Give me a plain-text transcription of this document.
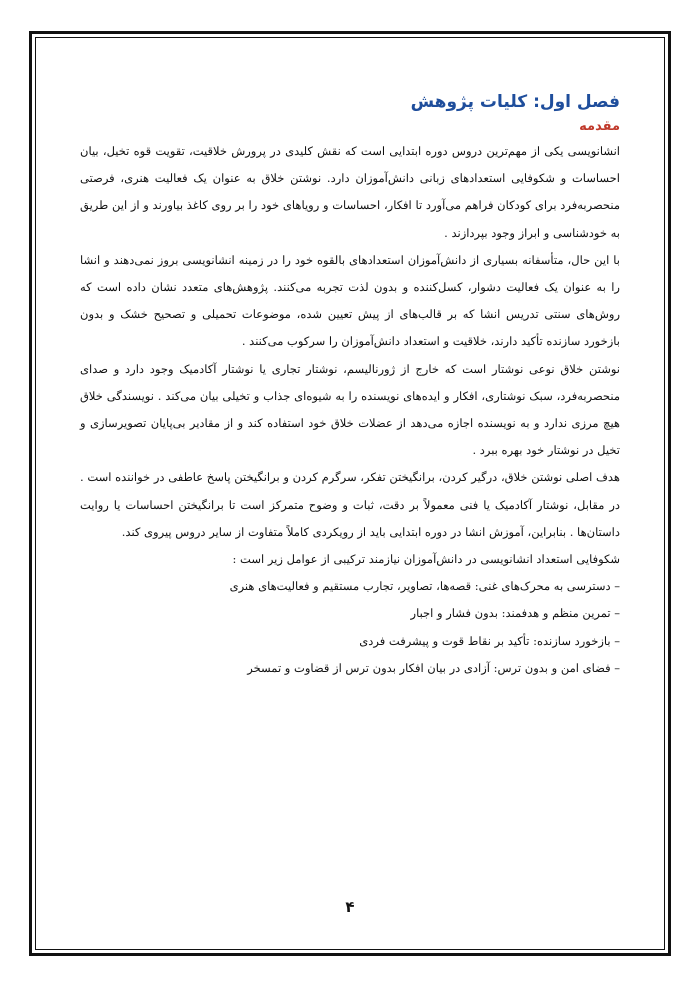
فصل اول: کلیات پژوهش
مقدمه

انشانویسی یکی از مهم‌ترین دروس دوره ابتدایی است که نقش کلیدی در پرورش خلاقیت، تقویت قوه تخیل، بیان احساسات و شکوفایی استعدادهای زبانی دانش‌آموزان دارد. نوشتن خلاق به عنوان یک فعالیت هنری، فرصتی منحصربه‌فرد برای کودکان فراهم می‌آورد تا افکار، احساسات و رویاهای خود را بر روی کاغذ بیاورند و از این طریق به خودشناسی و ابراز وجود بپردازند .

با این حال، متأسفانه بسیاری از دانش‌آموزان استعدادهای بالقوه خود را در زمینه انشانویسی بروز نمی‌دهند و انشا را به عنوان یک فعالیت دشوار، کسل‌کننده و بدون لذت تجربه می‌کنند. پژوهش‌های متعدد نشان داده است که روش‌های سنتی تدریس انشا که بر قالب‌های از پیش تعیین شده، موضوعات تحمیلی و تصحیح خشک و بدون بازخورد سازنده تأکید دارند، خلاقیت و استعداد دانش‌آموزان را سرکوب می‌کنند .

نوشتن خلاق نوعی نوشتار است که خارج از ژورنالیسم، نوشتار تجاری یا نوشتار آکادمیک وجود دارد و صدای منحصربه‌فرد، سبک نوشتاری، افکار و ایده‌های نویسنده را به شیوه‌ای جذاب و تخیلی بیان می‌کند . نویسندگی خلاق هیچ مرزی ندارد و به نویسنده اجازه می‌دهد از عضلات خلاق خود استفاده کند و از مقادیر بی‌پایان تصویرسازی و تخیل در نوشتار خود بهره ببرد .

هدف اصلی نوشتن خلاق، درگیر کردن، برانگیختن تفکر، سرگرم کردن و برانگیختن پاسخ عاطفی در خواننده است . در مقابل، نوشتار آکادمیک یا فنی معمولاً بر دقت، ثبات و وضوح متمرکز است تا برانگیختن احساسات یا روایت داستان‌ها . بنابراین، آموزش انشا در دوره ابتدایی باید از رویکردی کاملاً متفاوت از سایر دروس پیروی کند.

شکوفایی استعداد انشانویسی در دانش‌آموزان نیازمند ترکیبی از عوامل زیر است :

– دسترسی به محرک‌های غنی: قصه‌ها، تصاویر، تجارب مستقیم و فعالیت‌های هنری
– تمرین منظم و هدفمند: بدون فشار و اجبار
– بازخورد سازنده: تأکید بر نقاط قوت و پیشرفت فردی
– فضای امن و بدون ترس: آزادی در بیان افکار بدون ترس از قضاوت و تمسخر
۴
